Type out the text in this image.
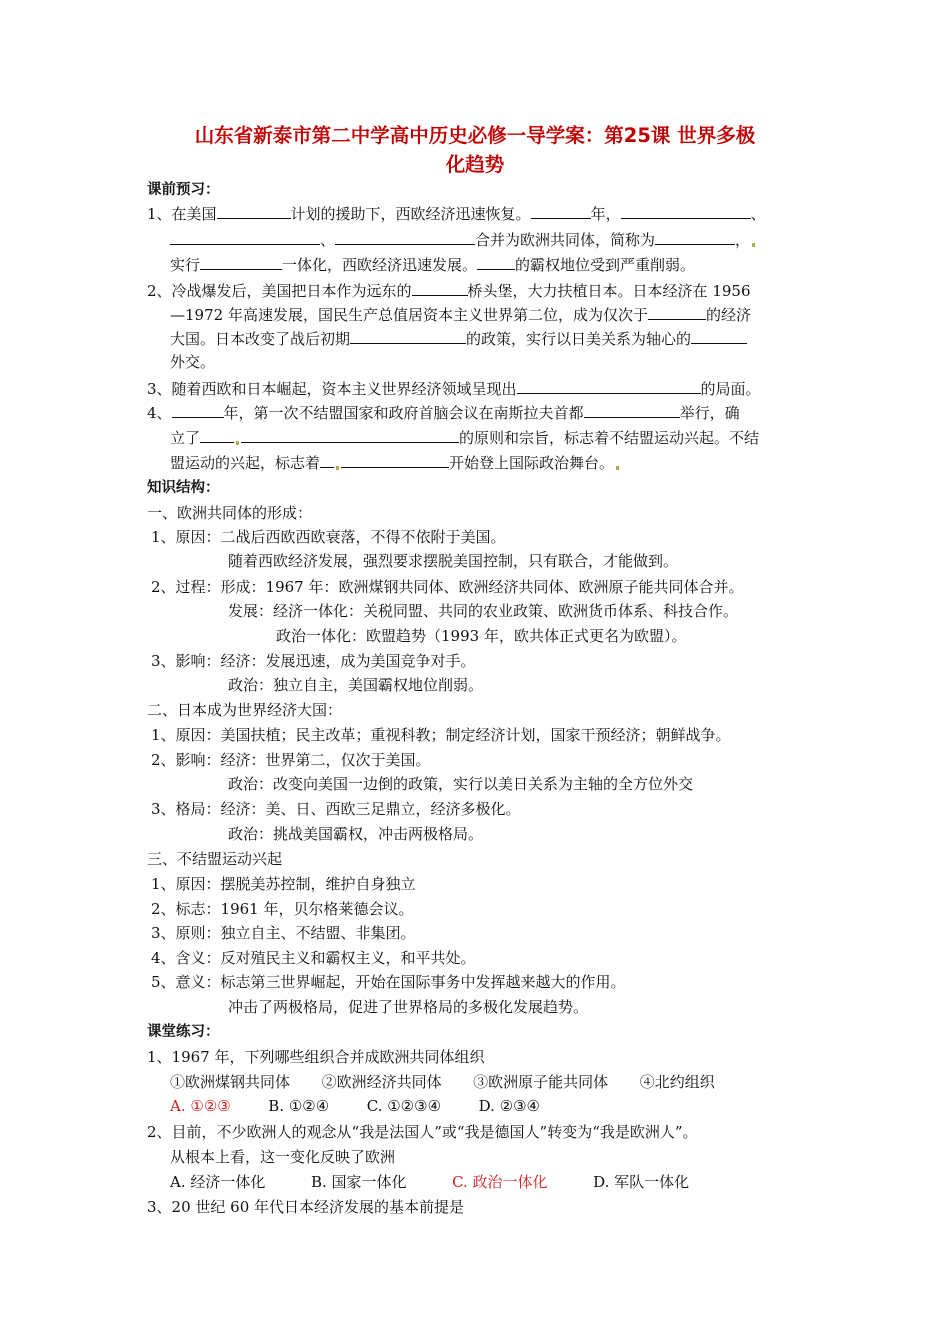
山东省新泰市第二中学高中历史必修一导学案：第25课 世界多极
化趋势
课前预习：
1、在美国	计划的援助下，西欧经济迅速恢复。	年，	、
、	合并为欧洲共同体，简称为	，
实行	一体化，西欧经济迅速发展。	的霸权地位受到严重削弱。
2、冷战爆发后，美国把日本作为远东的	桥头堡，大力扶植日本。日本经济在 1956
—1972 年高速发展，国民生产总值居资本主义世界第二位，成为仅次于	的经济
大国。日本改变了战后初期	的政策，实行以日美关系为轴心的
外交。
3、随着西欧和日本崛起，资本主义世界经济领域呈现出	的局面。
4、	年，第一次不结盟国家和政府首脑会议在南斯拉夫首都	举行，确
立了	的原则和宗旨，标志着不结盟运动兴起。不结
盟运动的兴起，标志着	开始登上国际政治舞台。
知识结构：
一、欧洲共同体的形成：
1、原因：二战后西欧西欧衰落，不得不依附于美国。
随着西欧经济发展，强烈要求摆脱美国控制，只有联合，才能做到。
2、过程：形成：1967 年：欧洲煤钢共同体、欧洲经济共同体、欧洲原子能共同体合并。
发展：经济一体化：关税同盟、共同的农业政策、欧洲货币体系、科技合作。
政治一体化：欧盟趋势（1993 年，欧共体正式更名为欧盟）。
3、影响：经济：发展迅速，成为美国竞争对手。
政治：独立自主，美国霸权地位削弱。
二、日本成为世界经济大国：
1、原因：美国扶植；民主改革；重视科教；制定经济计划，国家干预经济；朝鲜战争。
2、影响：经济：世界第二，仅次于美国。
政治：改变向美国一边倒的政策，实行以美日关系为主轴的全方位外交
3、格局：经济：美、日、西欧三足鼎立，经济多极化。
政治：挑战美国霸权，冲击两极格局。
三、不结盟运动兴起
1、原因：摆脱美苏控制，维护自身独立
2、标志：1961 年，贝尔格莱德会议。
3、原则：独立自主、不结盟、非集团。
4、含义：反对殖民主义和霸权主义，和平共处。
5、意义：标志第三世界崛起，开始在国际事务中发挥越来越大的作用。
冲击了两极格局，促进了世界格局的多极化发展趋势。
课堂练习：
1、1967 年，下列哪些组织合并成欧洲共同体组织
①欧洲煤钢共同体 ②欧洲经济共同体 ③欧洲原子能共同体 ④北约组织
A. ①②③	B. ①②④	C. ①②③④	D. ②③④
2、目前，不少欧洲人的观念从“我是法国人”或“我是德国人”转变为“我是欧洲人”。
从根本上看，这一变化反映了欧洲
A. 经济一体化	B. 国家一体化	C. 政治一体化	D. 军队一体化
3、20 世纪 60 年代日本经济发展的基本前提是
